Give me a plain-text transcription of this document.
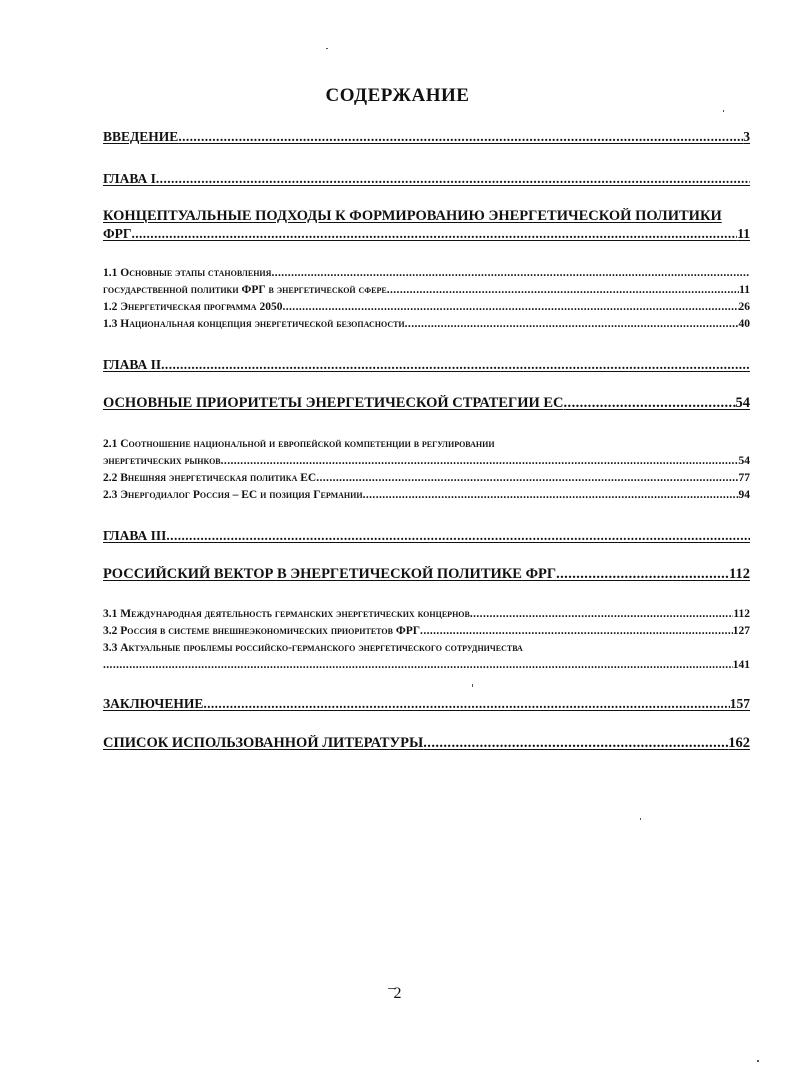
СОДЕРЖАНИЕ
ВВЕДЕНИЕ .....	3
ГЛАВА I
.....
КОНЦЕПТУАЛЬНЫЕ ПОДХОДЫ К ФОРМИРОВАНИЮ ЭНЕРГЕТИЧЕСКОЙ ПОЛИТИКИ
ФРГ .....	11
1.1 Основные этапы становления
.....
государственной политики ФРГ в энергетической сфере .....	11
1.2 Энергетическая программа 2050 .....	26
1.3 Национальная концепция энергетической безопасности .....	40
ГЛАВА II
.....
ОСНОВНЫЕ ПРИОРИТЕТЫ ЭНЕРГЕТИЧЕСКОЙ СТРАТЕГИИ ЕС .....	54
2.1 Соотношение национальной и европейской компетенции в регулировании
энергетических рынков .....	54
2.2 Внешняя энергетическая политика ЕС .....	77
2.3 Энергодиалог Россия – ЕС и позиция Германии .....	94
ГЛАВА III
.....
РОССИЙСКИЙ ВЕКТОР В ЭНЕРГЕТИЧЕСКОЙ ПОЛИТИКЕ ФРГ .....	112
3.1 Международная деятельность германских энергетических концернов .....	112
3.2 Россия в системе внешнеэкономических приоритетов ФРГ .....	127
3.3 Актуальные проблемы российско-германского энергетического сотрудничества
.....
141
ЗАКЛЮЧЕНИЕ .....	157
СПИСОК ИСПОЛЬЗОВАННОЙ ЛИТЕРАТУРЫ .....	162
2
